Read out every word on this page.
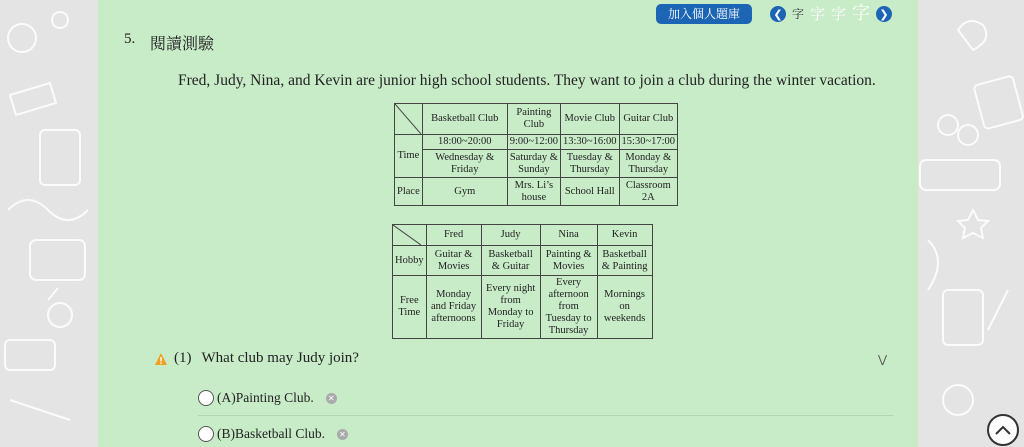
加入個人題庫	❮ 字 字 字 字 ❯
5. 閱讀測驗
Fred, Judy, Nina, and Kevin are junior high school students. They want to join a club during the winter vacation.
	Basketball Club	Painting Club	Movie Club	Guitar Club
Time	18:00~20:00	9:00~12:00	13:30~16:00	15:30~17:00
	Wednesday & Friday	Saturday & Sunday	Tuesday & Thursday	Monday & Thursday
Place	Gym	Mrs. Li’s house	School Hall	Classroom 2A
	Fred	Judy	Nina	Kevin
Hobby	Guitar & Movies	Basketball & Guitar	Painting & Movies	Basketball & Painting
Free Time	Monday and Friday afternoons	Every night from Monday to Friday	Every afternoon from Tuesday to Thursday	Mornings on weekends
(1) What club may Judy join?	⋁
(A) Painting Club. ✕
(B) Basketball Club. ✕
